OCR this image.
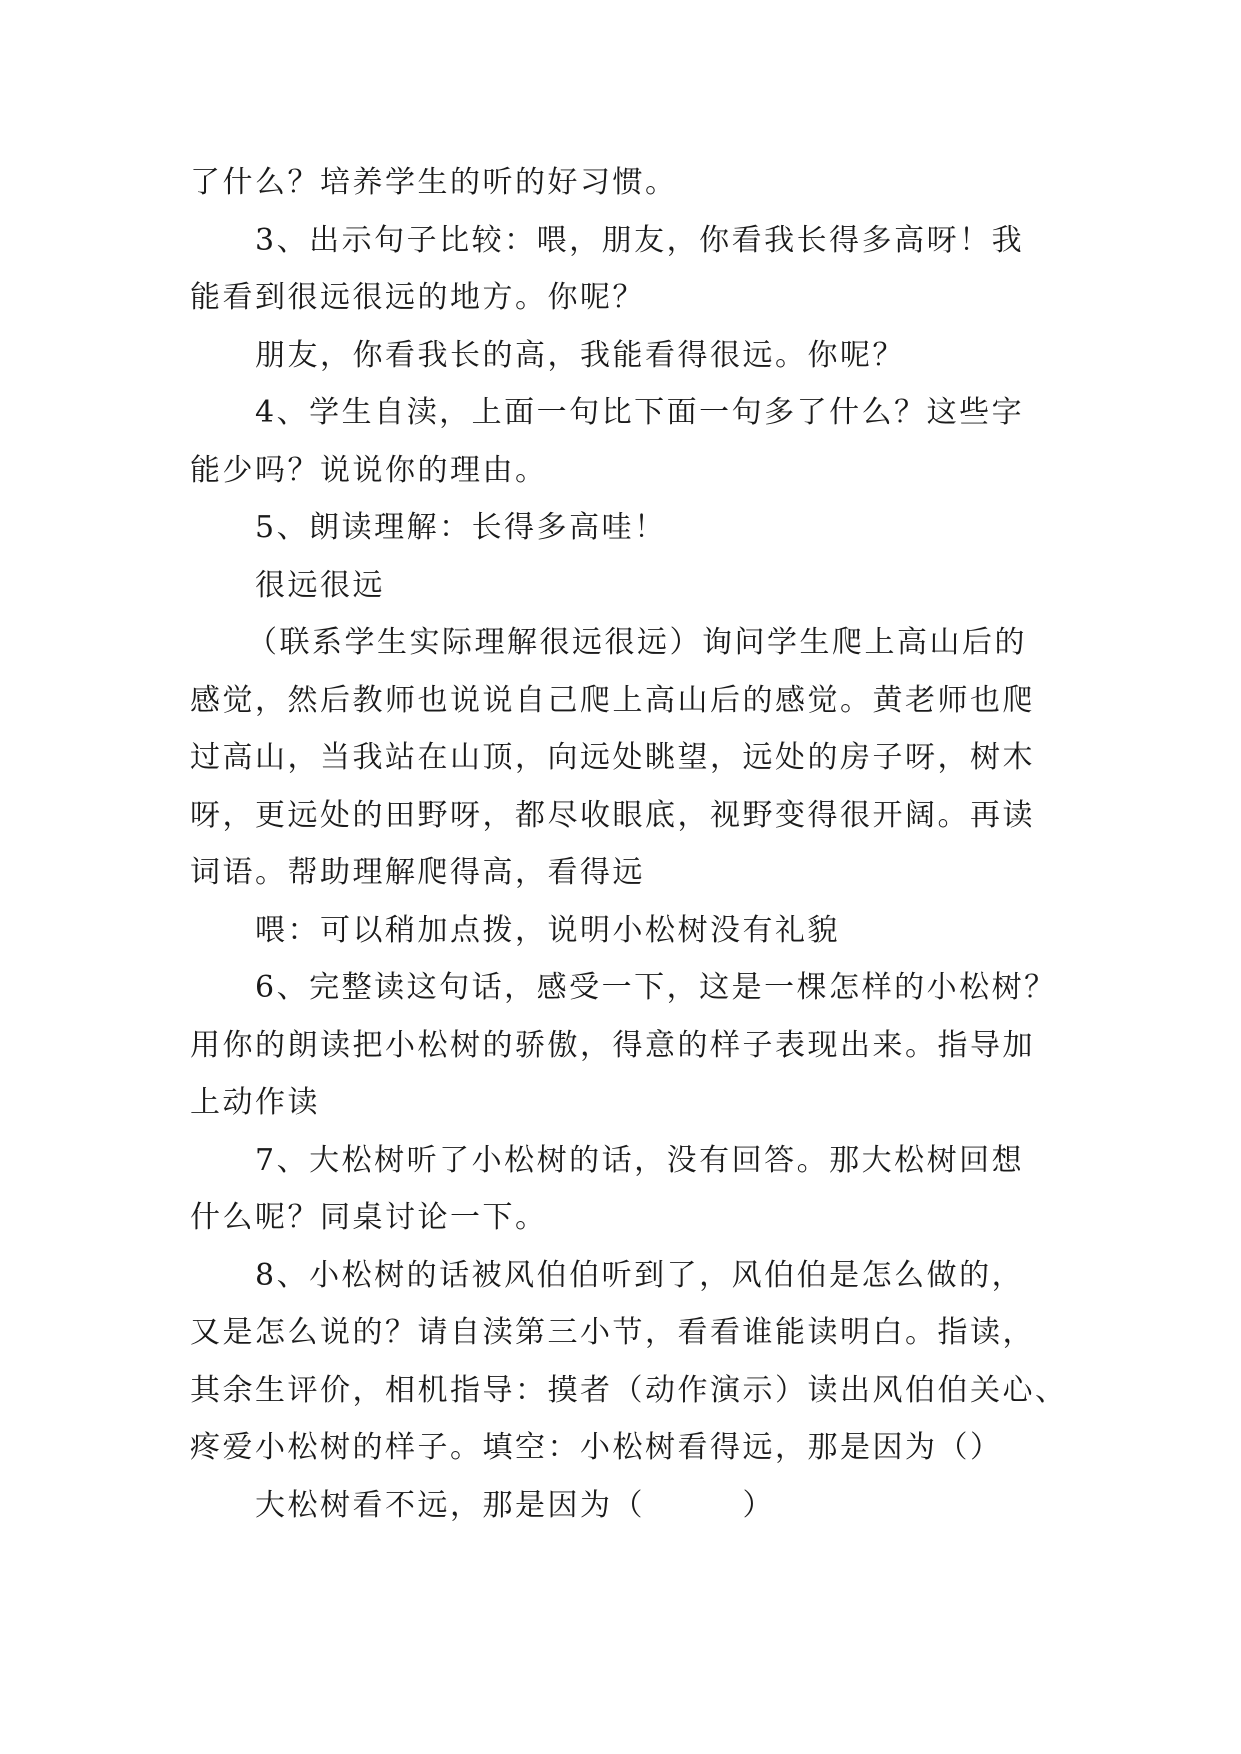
了什么？培养学生的听的好习惯。
3、出示句子比较：喂，朋友，你看我长得多高呀！我
能看到很远很远的地方。你呢？
朋友，你看我长的高，我能看得很远。你呢？
4、学生自渎，上面一句比下面一句多了什么？这些字
能少吗？说说你的理由。
5、朗读理解：长得多高哇！
很远很远
（联系学生实际理解很远很远）询问学生爬上高山后的
感觉，然后教师也说说自己爬上高山后的感觉。黄老师也爬
过高山，当我站在山顶，向远处眺望，远处的房子呀，树木
呀，更远处的田野呀，都尽收眼底，视野变得很开阔。再读
词语。帮助理解爬得高，看得远
喂：可以稍加点拨，说明小松树没有礼貌
6、完整读这句话，感受一下，这是一棵怎样的小松树？
用你的朗读把小松树的骄傲，得意的样子表现出来。指导加
上动作读
7、大松树听了小松树的话，没有回答。那大松树回想
什么呢？同桌讨论一下。
8、小松树的话被风伯伯听到了，风伯伯是怎么做的，
又是怎么说的？请自渎第三小节，看看谁能读明白。指读，
其余生评价，相机指导：摸者（动作演示）读出风伯伯关心、
疼爱小松树的样子。填空：小松树看得远，那是因为（）
大松树看不远，那是因为（　　　）
